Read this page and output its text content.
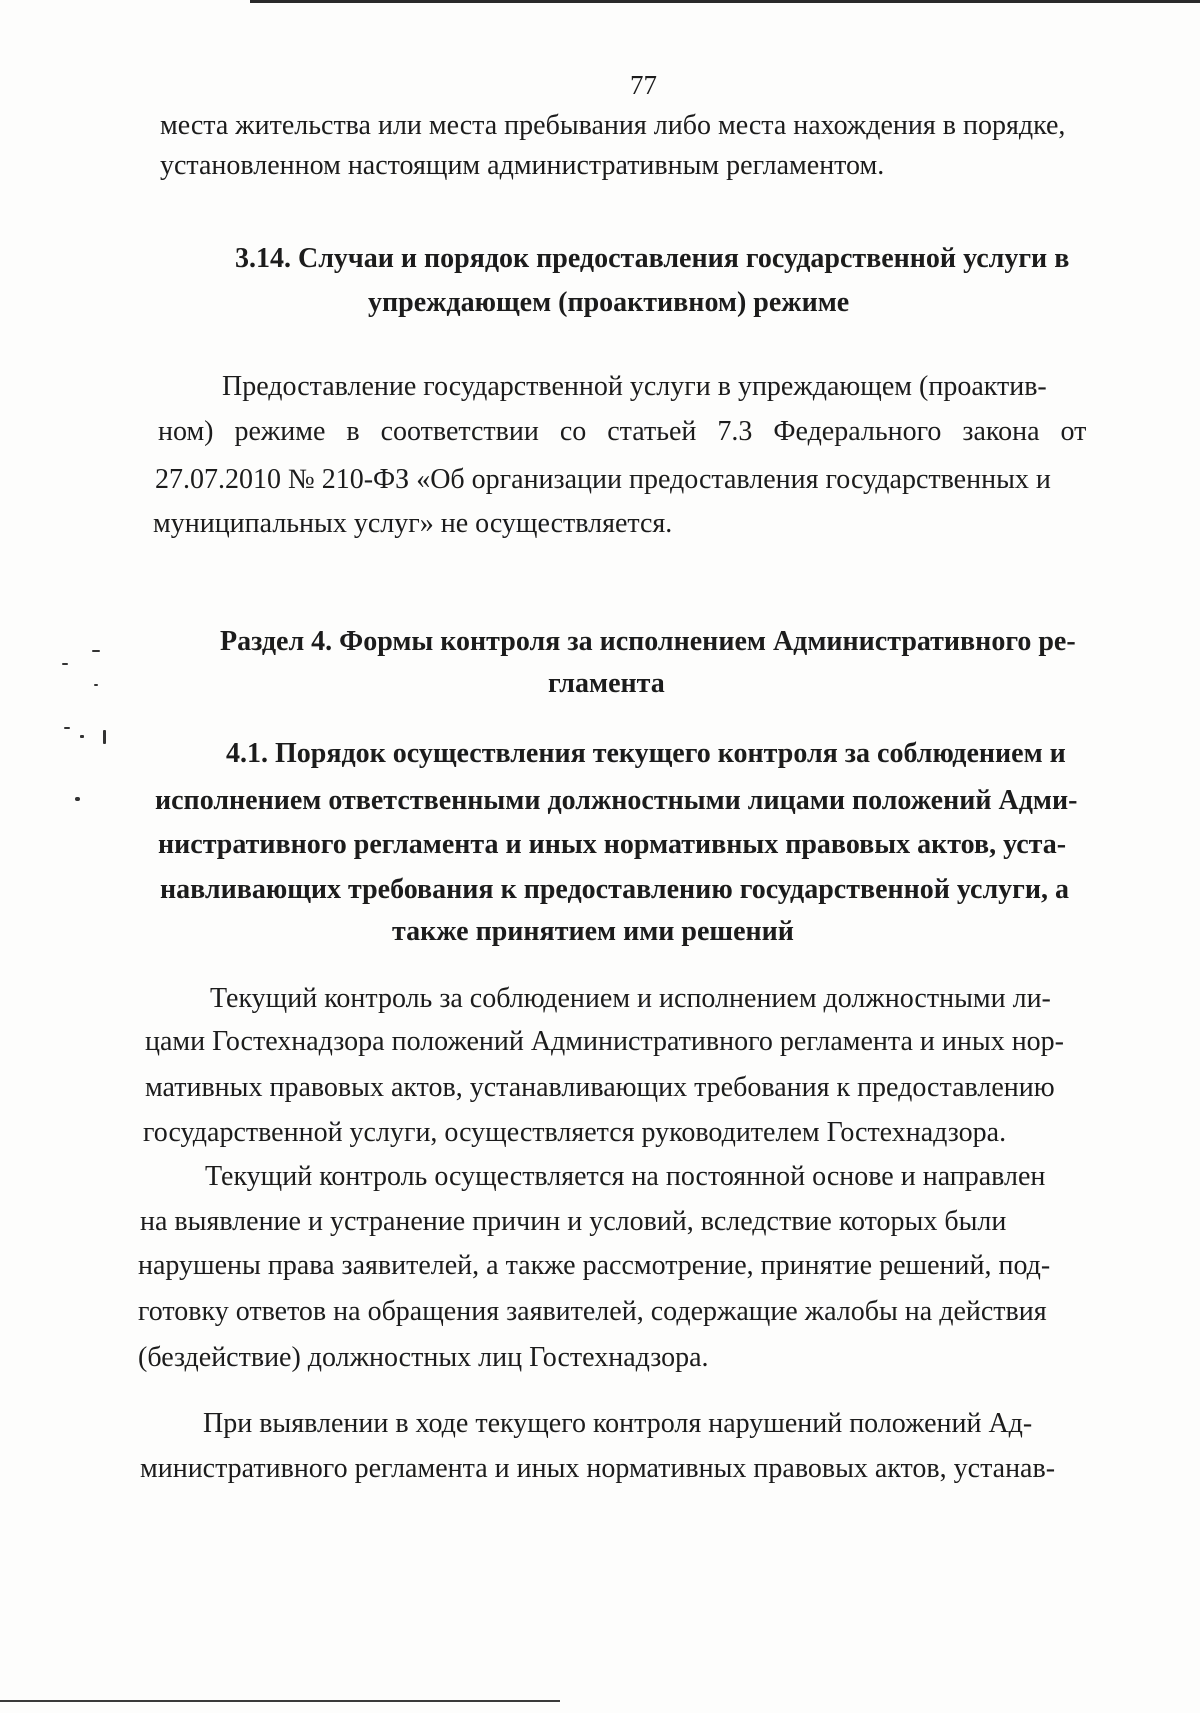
77
места жительства или места пребывания либо места нахождения в порядке,
установленном настоящим административным регламентом.
3.14. Случаи и порядок предоставления государственной услуги в
упреждающем (проактивном) режиме
Предоставление государственной услуги в упреждающем (проактив-
ном) режиме в соответствии со статьей 7.3 Федерального закона от
27.07.2010 № 210-ФЗ «Об организации предоставления государственных и
муниципальных услуг» не осуществляется.
Раздел 4. Формы контроля за исполнением Административного ре-
гламента
4.1. Порядок осуществления текущего контроля за соблюдением и
исполнением ответственными должностными лицами положений Адми-
нистративного регламента и иных нормативных правовых актов, уста-
навливающих требования к предоставлению государственной услуги, а
также принятием ими решений
Текущий контроль за соблюдением и исполнением должностными ли-
цами Гостехнадзора положений Административного регламента и иных нор-
мативных правовых актов, устанавливающих требования к предоставлению
государственной услуги, осуществляется руководителем Гостехнадзора.
Текущий контроль осуществляется на постоянной основе и направлен
на выявление и устранение причин и условий, вследствие которых были
нарушены права заявителей, а также рассмотрение, принятие решений, под-
готовку ответов на обращения заявителей, содержащие жалобы на действия
(бездействие) должностных лиц Гостехнадзора.
При выявлении в ходе текущего контроля нарушений положений Ад-
министративного регламента и иных нормативных правовых актов, устанав-
